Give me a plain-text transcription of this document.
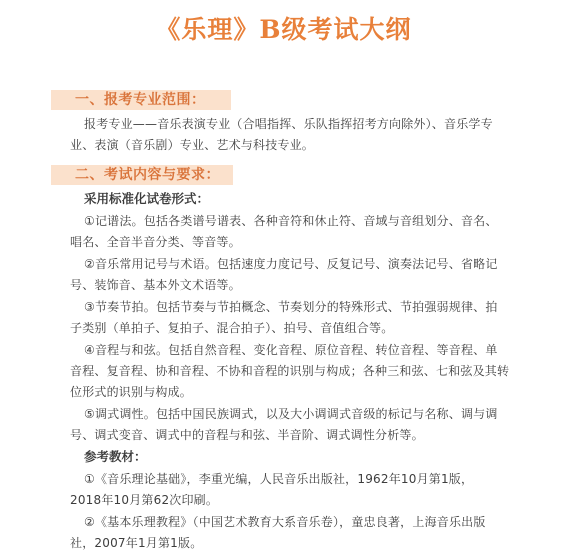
《乐理》B级考试大纲
一、报考专业范围：
报考专业——音乐表演专业（合唱指挥、乐队指挥招考方向除外）、音乐学专
业、表演（音乐剧）专业、艺术与科技专业。
二、考试内容与要求：
采用标准化试卷形式：
①记谱法。包括各类谱号谱表、各种音符和休止符、音域与音组划分、音名、
唱名、全音半音分类、等音等。
②音乐常用记号与术语。包括速度力度记号、反复记号、演奏法记号、省略记
号、装饰音、基本外文术语等。
③节奏节拍。包括节奏与节拍概念、节奏划分的特殊形式、节拍强弱规律、拍
子类别（单拍子、复拍子、混合拍子）、拍号、音值组合等。
④音程与和弦。包括自然音程、变化音程、原位音程、转位音程、等音程、单
音程、复音程、协和音程、不协和音程的识别与构成；各种三和弦、七和弦及其转
位形式的识别与构成。
⑤调式调性。包括中国民族调式，以及大小调调式音级的标记与名称、调与调
号、调式变音、调式中的音程与和弦、半音阶、调式调性分析等。
参考教材：
①《音乐理论基础》，李重光编，人民音乐出版社，1962年10月第1版，
2018年10月第62次印刷。
②《基本乐理教程》（中国艺术教育大系音乐卷），童忠良著，上海音乐出版
社，2007年1月第1版。
